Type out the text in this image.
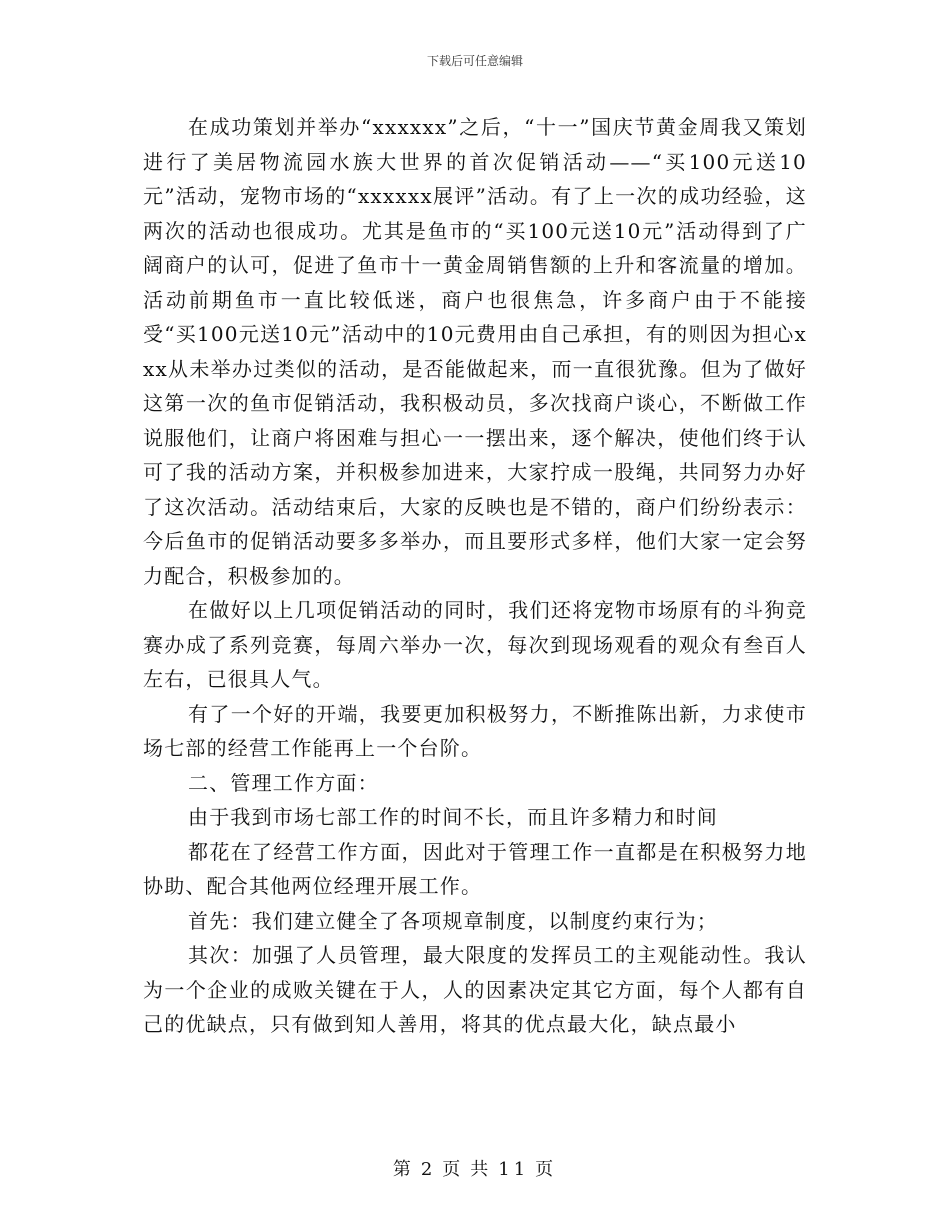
下载后可任意编辑

在成功策划并举办“xxxxxx”之后，“十一”国庆节黄金周我又策划进行了美居物流园水族大世界的首次促销活动——“买100元送10元”活动，宠物市场的“xxxxxx展评”活动。有了上一次的成功经验，这两次的活动也很成功。尤其是鱼市的“买100元送10元”活动得到了广阔商户的认可，促进了鱼市十一黄金周销售额的上升和客流量的增加。活动前期鱼市一直比较低迷，商户也很焦急，许多商户由于不能接受“买100元送10元”活动中的10元费用由自己承担，有的则因为担心xxx从未举办过类似的活动，是否能做起来，而一直很犹豫。但为了做好这第一次的鱼市促销活动，我积极动员，多次找商户谈心，不断做工作说服他们，让商户将困难与担心一一摆出来，逐个解决，使他们终于认可了我的活动方案，并积极参加进来，大家拧成一股绳，共同努力办好了这次活动。活动结束后，大家的反映也是不错的，商户们纷纷表示：今后鱼市的促销活动要多多举办，而且要形式多样，他们大家一定会努力配合，积极参加的。

在做好以上几项促销活动的同时，我们还将宠物市场原有的斗狗竞赛办成了系列竞赛，每周六举办一次，每次到现场观看的观众有叁百人左右，已很具人气。

有了一个好的开端，我要更加积极努力，不断推陈出新，力求使市场七部的经营工作能再上一个台阶。

二、管理工作方面：

由于我到市场七部工作的时间不长，而且许多精力和时间

都花在了经营工作方面，因此对于管理工作一直都是在积极努力地协助、配合其他两位经理开展工作。

首先：我们建立健全了各项规章制度，以制度约束行为；

其次：加强了人员管理，最大限度的发挥员工的主观能动性。我认为一个企业的成败关键在于人，人的因素决定其它方面，每个人都有自己的优缺点，只有做到知人善用，将其的优点最大化，缺点最小

第 2 页 共 11 页
